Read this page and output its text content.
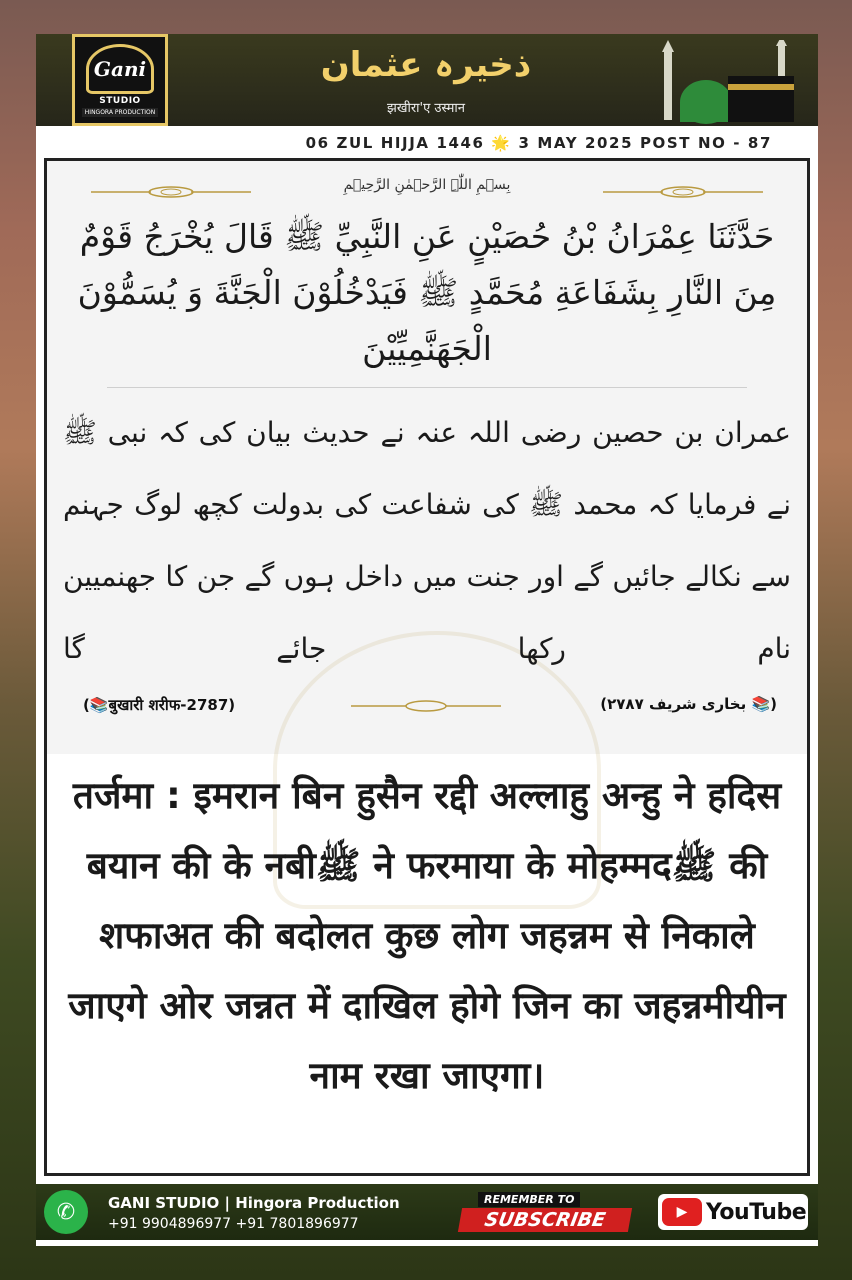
Gani
STUDIO
HINGORA PRODUCTION
ذخیرہ عثمان
झखीरा'ए उस्मान
06 ZUL HIJJA 1446 🌟 3 MAY 2025 POST NO - 87
بِسۡمِ اللّٰہِ الرَّحۡمٰنِ الرَّحِیۡمِ
حَدَّثَنَا عِمْرَانُ بْنُ حُصَيْنٍ عَنِ النَّبِيِّ ﷺ قَالَ يُخْرَجُ قَوْمٌ مِنَ النَّارِ بِشَفَاعَةِ مُحَمَّدٍ ﷺ فَيَدْخُلُوْنَ الْجَنَّةَ وَ يُسَمُّوْنَ الْجَهَنَّمِيِّيْنَ
عمران بن حصین رضی اللہ عنہ نے حدیث بیان کی کہ نبی ﷺ نے فرمایا کہ محمد ﷺ کی شفاعت کی بدولت کچھ لوگ جہنم سے نکالے جائیں گے اور جنت میں داخل ہوں گے جن کا جھنمیین نام رکھا جائے گا
(📚बुखारी शरीफ-2787)	(📚 بخاری شریف ۲۷۸۷)
तर्जमा : इमरान बिन हुसैन रद्दी अल्लाहु अन्हु ने हदिस बयान की के नबीﷺ ने फरमाया के मोहम्मदﷺ की शफाअत की बदोलत कुछ लोग जहन्नम से निकाले जाएगे ओर जन्नत में दाखिल होगे जिन का जहन्नमीयीन नाम रखा जाएगा।
✆	GANI STUDIO | Hingora Production
+91 9904896977 +91 7801896977
REMEMBER TO
SUBSCRIBE	▶ YouTube
